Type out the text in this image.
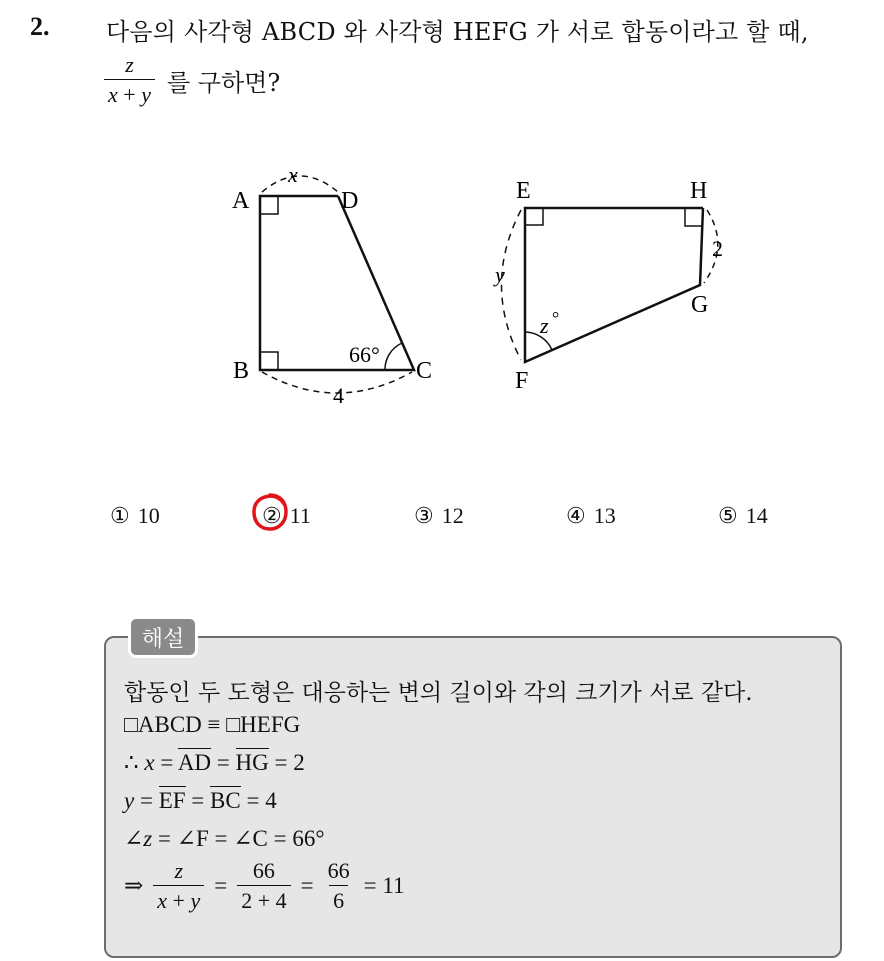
2. 다음의 사각형 ABCD 와 사각형 HEFG 가 서로 합동이라고 할 때,
$\frac{z}{x + y}$ 를 구하면?
A	D
B	C
x
4
66°
E	H
F
G
y
2
z °
① 10	② 11	③ 12	④ 13	⑤ 14
해설
합동인 두 도형은 대응하는 변의 길이와 각의 크기가 서로 같다.
□ABCD ≡ □HEFG
∴ x = AD = HG = 2
y = EF = BC = 4
∠z = ∠F = ∠C = 66°
⇒ $\frac{z}{x + y} = \frac{66}{2 + 4} = \frac{66}{6} = 11$
